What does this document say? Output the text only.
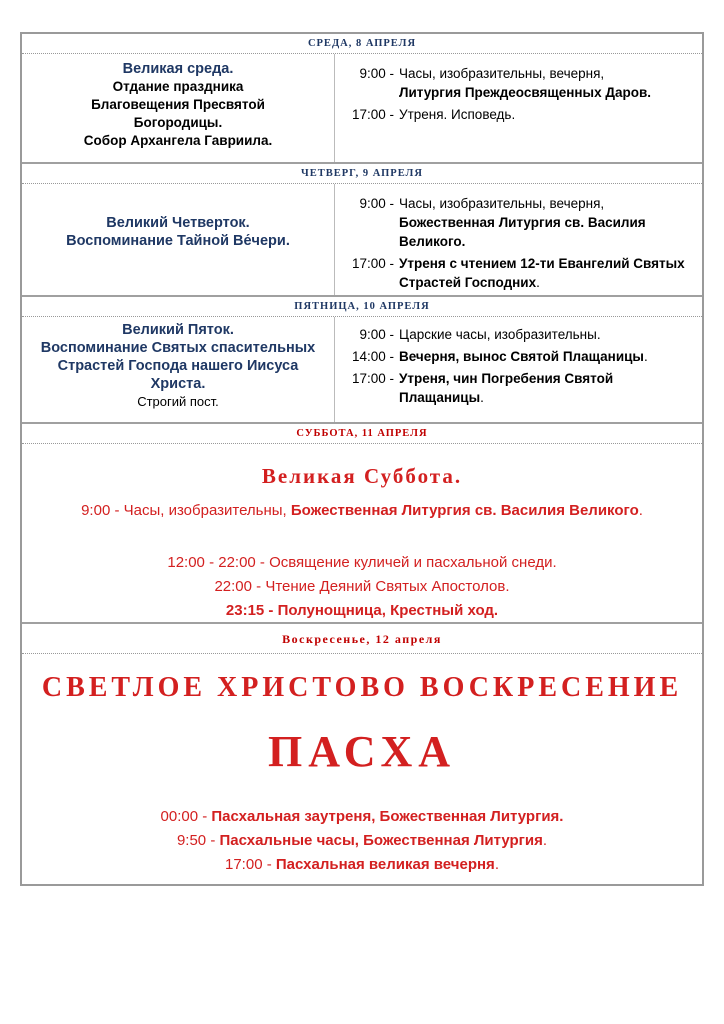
СРЕДА, 8 АПРЕЛЯ
Великая среда.
Отдание праздника
Благовещения Пресвятой
Богородицы.
Собор Архангела Гавриила.
9:00 - Часы, изобразительны, вечерня,
Литургия Преждеосвященных Даров.
17:00 - Утреня. Исповедь.
ЧЕТВЕРГ, 9 АПРЕЛЯ
Великий Четверток.
Воспоминание Тайной Ве́чери.
9:00 - Часы, изобразительны, вечерня,
Божественная Литургия св. Василия Великого.
17:00 - Утреня с чтением 12-ти Евангелий Святых Страстей Господних.
ПЯТНИЦА, 10 АПРЕЛЯ
Великий Пяток.
Воспоминание Святых спасительных
Страстей Господа нашего Иисуса
Христа.
Строгий пост.
9:00 - Царские часы, изобразительны.
14:00 - Вечерня, вынос Святой Плащаницы.
17:00 - Утреня, чин Погребения Святой Плащаницы.
СУББОТА, 11 АПРЕЛЯ
Великая Суббота.
9:00 - Часы, изобразительны, Божественная Литургия св. Василия Великого.
12:00 - 22:00 - Освящение куличей и пасхальной снеди.
22:00 - Чтение Деяний Святых Апостолов.
23:15 - Полунощница, Крестный ход.
Воскресенье, 12 апреля
СВЕТЛОЕ ХРИСТОВО ВОСКРЕСЕНИЕ
ПАСХА
00:00 - Пасхальная заутреня, Божественная Литургия.
9:50 - Пасхальные часы, Божественная Литургия.
17:00 - Пасхальная великая вечерня.
